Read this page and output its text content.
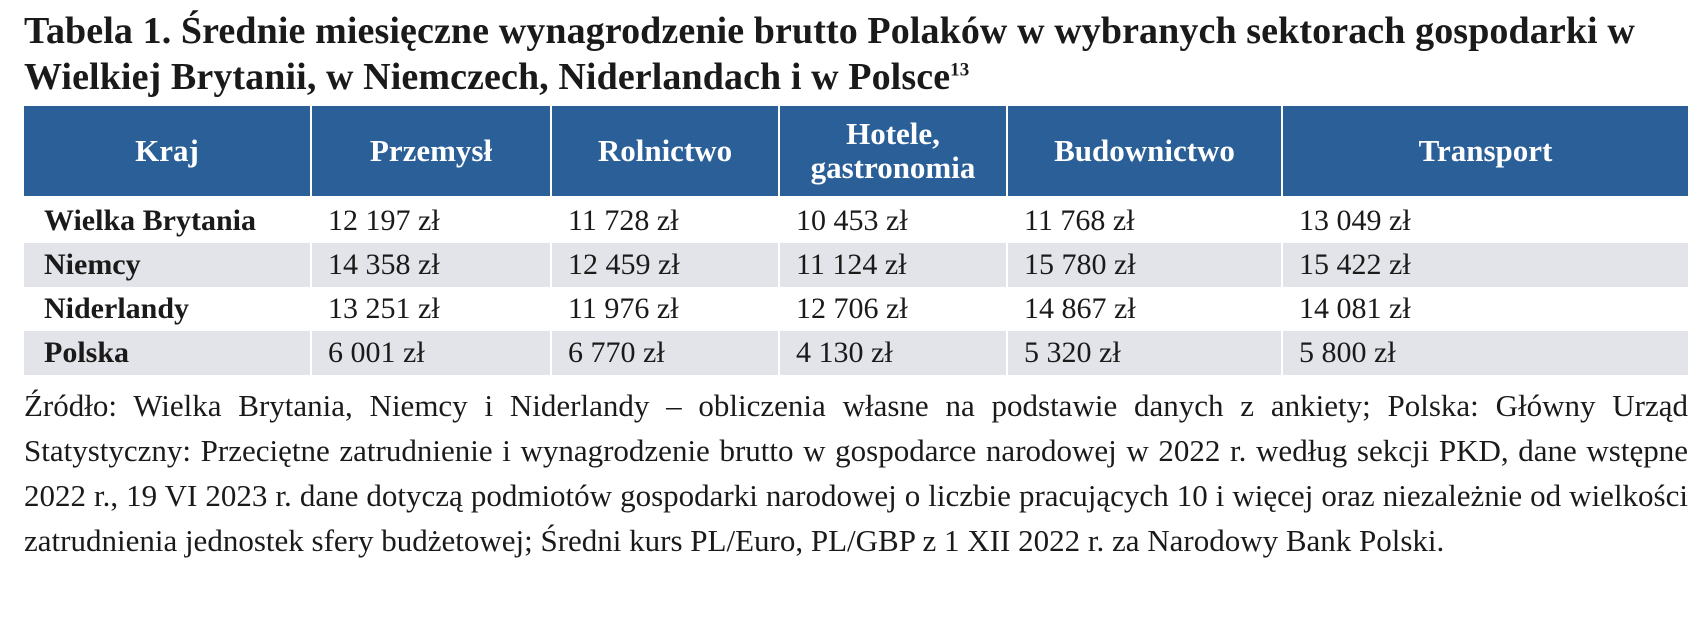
Tabela 1. Średnie miesięczne wynagrodzenie brutto Polaków w wybranych sektorach gospodarki w Wielkiej Brytanii, w Niemczech, Niderlandach i w Polsce$^{13}$
Kraj	Przemysł	Rolnictwo	Hotele, gastronomia	Budownictwo	Transport
Wielka Brytania	12 197 zł	11 728 zł	10 453 zł	11 768 zł	13 049 zł
Niemcy	14 358 zł	12 459 zł	11 124 zł	15 780 zł	15 422 zł
Niderlandy	13 251 zł	11 976 zł	12 706 zł	14 867 zł	14 081 zł
Polska	6 001 zł	6 770 zł	4 130 zł	5 320 zł	5 800 zł

Źródło: Wielka Brytania, Niemcy i Niderlandy – obliczenia własne na podstawie danych z ankiety; Polska: Główny Urząd Statystyczny: Przeciętne zatrudnienie i wynagrodzenie brutto w gospodarce narodowej w 2022 r. według sekcji PKD, dane wstępne 2022 r., 19 VI 2023 r. dane dotyczą podmiotów gospodarki narodowej o liczbie pracujących 10 i więcej oraz niezależnie od wielkości zatrudnienia jednostek sfery budżetowej; Średni kurs PL/Euro, PL/GBP z 1 XII 2022 r. za Narodowy Bank Polski.
